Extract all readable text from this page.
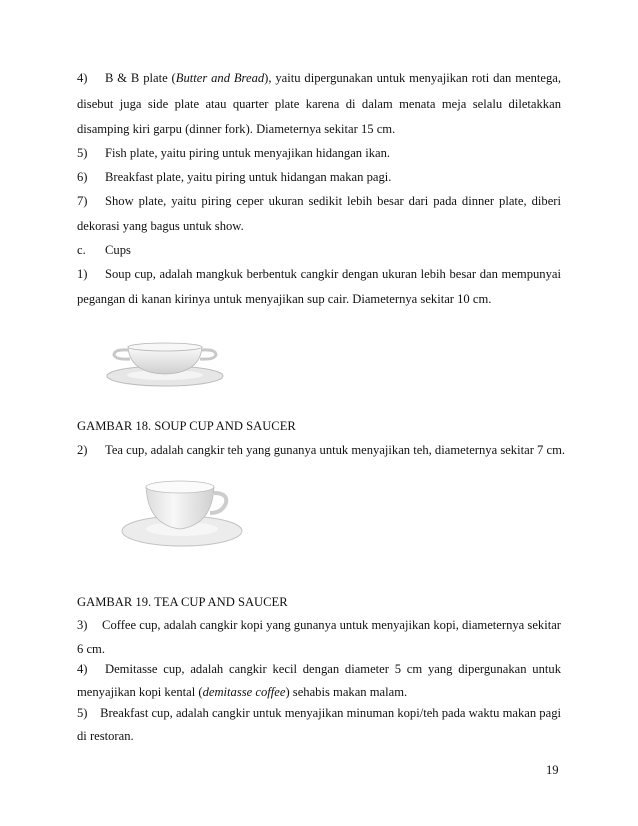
4)	B & B plate (Butter and Bread), yaitu dipergunakan untuk menyajikan roti dan mentega,
disebut juga side plate atau quarter plate karena di dalam menata meja selalu diletakkan
disamping kiri garpu (dinner fork). Diameternya sekitar 15 cm.
5) Fish plate, yaitu piring untuk menyajikan hidangan ikan.
6) Breakfast plate, yaitu piring untuk hidangan makan pagi.
7)	Show plate, yaitu piring ceper ukuran sedikit lebih besar dari pada dinner plate, diberi
dekorasi yang bagus untuk show.
c. Cups
1)	Soup cup, adalah mangkuk berbentuk cangkir dengan ukuran lebih besar dan mempunyai
pegangan di kanan kirinya untuk menyajikan sup cair. Diameternya sekitar 10 cm.
GAMBAR 18. SOUP CUP AND SAUCER
2) Tea cup, adalah cangkir teh yang gunanya untuk menyajikan teh, diameternya sekitar 7 cm.
GAMBAR 19. TEA CUP AND SAUCER
3)	Coffee cup, adalah cangkir kopi yang gunanya untuk menyajikan kopi, diameternya sekitar
6 cm.
4)	Demitasse cup, adalah cangkir kecil dengan diameter 5 cm yang dipergunakan untuk
menyajikan kopi kental (demitasse coffee) sehabis makan malam.
5) Breakfast cup, adalah cangkir untuk menyajikan minuman kopi/teh pada waktu makan pagi
di restoran.
19
